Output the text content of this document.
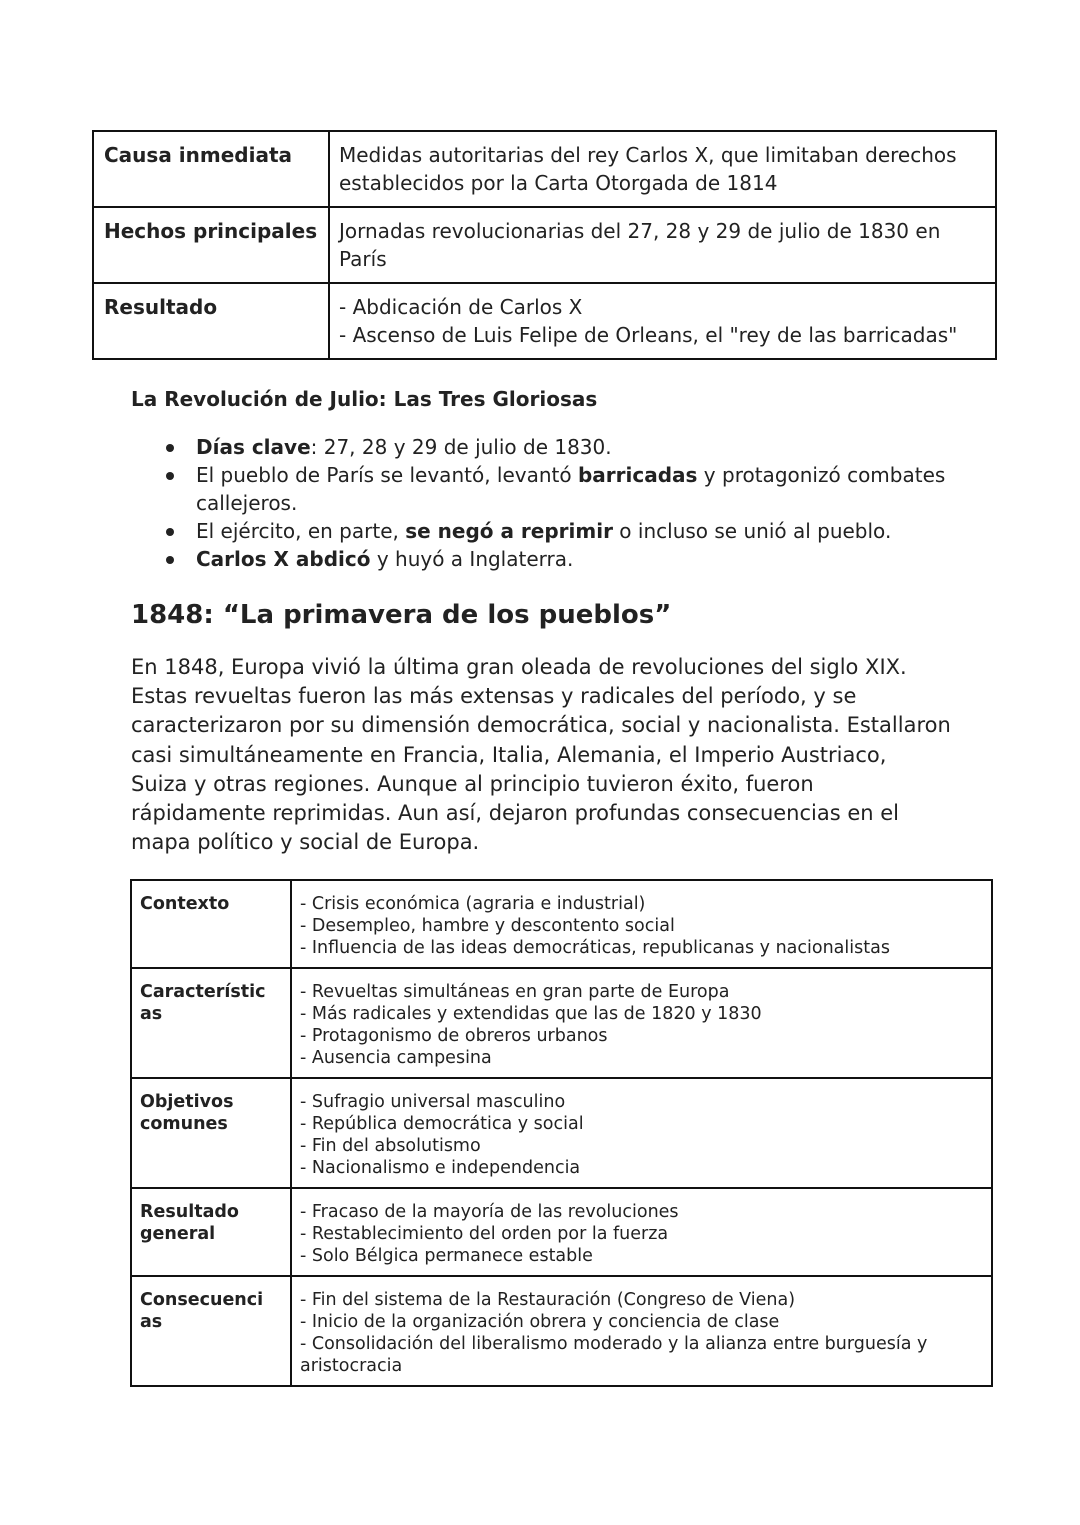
Causa inmediata	Medidas autoritarias del rey Carlos X, que limitaban derechos
establecidos por la Carta Otorgada de 1814

Hechos principales	Jornadas revolucionarias del 27, 28 y 29 de julio de 1830 en
París

Resultado	- Abdicación de Carlos X
- Ascenso de Luis Felipe de Orleans, el "rey de las barricadas"
La Revolución de Julio: Las Tres Gloriosas
Días clave: 27, 28 y 29 de julio de 1830.
El pueblo de París se levantó, levantó barricadas y protagonizó combates
callejeros.
El ejército, en parte, se negó a reprimir o incluso se unió al pueblo.
Carlos X abdicó y huyó a Inglaterra.
1848: “La primavera de los pueblos”

En 1848, Europa vivió la última gran oleada de revoluciones del siglo XIX.
Estas revueltas fueron las más extensas y radicales del período, y se
caracterizaron por su dimensión democrática, social y nacionalista. Estallaron
casi simultáneamente en Francia, Italia, Alemania, el Imperio Austriaco,
Suiza y otras regiones. Aunque al principio tuvieron éxito, fueron
rápidamente reprimidas. Aun así, dejaron profundas consecuencias en el
mapa político y social de Europa.

Contexto	- Crisis económica (agraria e industrial)
- Desempleo, hambre y descontento social
- Influencia de las ideas democráticas, republicanas y nacionalistas

Característic
as	- Revueltas simultáneas en gran parte de Europa
- Más radicales y extendidas que las de 1820 y 1830
- Protagonismo de obreros urbanos
- Ausencia campesina

Objetivos
comunes	- Sufragio universal masculino
- República democrática y social
- Fin del absolutismo
- Nacionalismo e independencia

Resultado
general	- Fracaso de la mayoría de las revoluciones
- Restablecimiento del orden por la fuerza
- Solo Bélgica permanece estable

Consecuenci
as	- Fin del sistema de la Restauración (Congreso de Viena)
- Inicio de la organización obrera y conciencia de clase
- Consolidación del liberalismo moderado y la alianza entre burguesía y
aristocracia
